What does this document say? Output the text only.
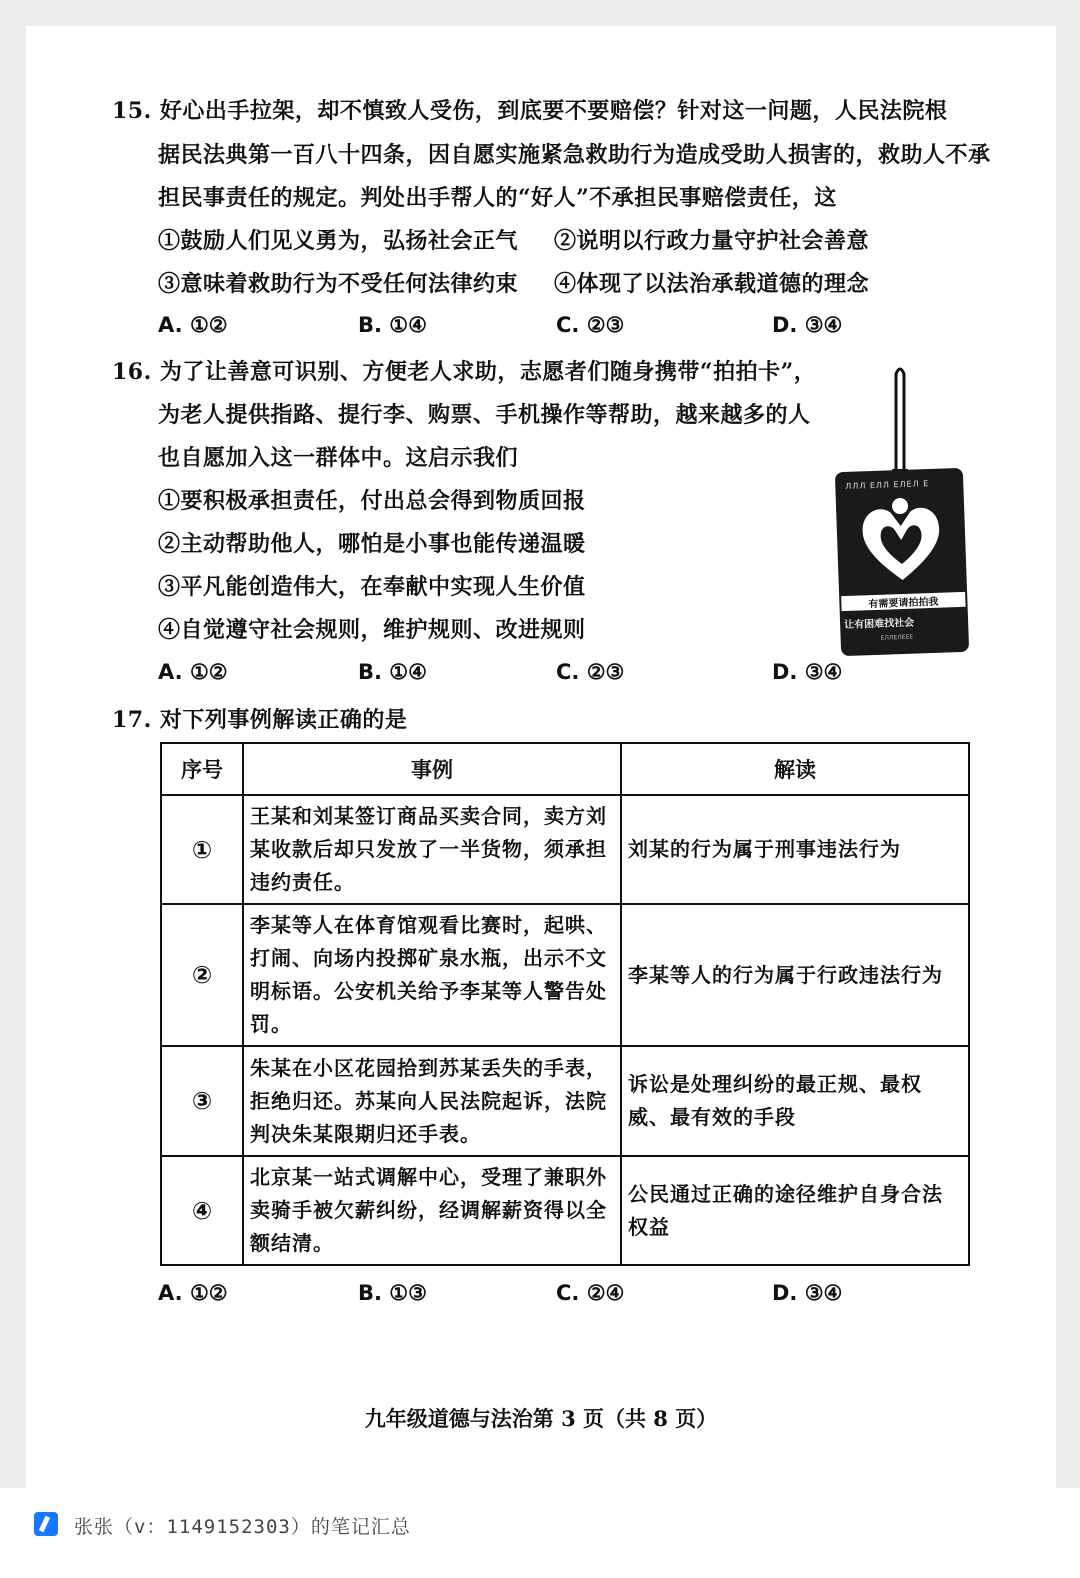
15. 好心出手拉架，却不慎致人受伤，到底要不要赔偿？针对这一问题，人民法院根
据民法典第一百八十四条，因自愿实施紧急救助行为造成受助人损害的，救助人不承
担民事责任的规定。判处出手帮人的“好人”不承担民事赔偿责任，这
①鼓励人们见义勇为，弘扬社会正气 ②说明以行政力量守护社会善意
③意味着救助行为不受任何法律约束 ④体现了以法治承载道德的理念
A. ①②	B. ①④	C. ②③	D. ③④
16. 为了让善意可识别、方便老人求助，志愿者们随身携带“拍拍卡”，
为老人提供指路、提行李、购票、手机操作等帮助，越来越多的人
也自愿加入这一群体中。这启示我们
①要积极承担责任，付出总会得到物质回报
②主动帮助他人，哪怕是小事也能传递温暖
③平凡能创造伟大，在奉献中实现人生价值
④自觉遵守社会规则，维护规则、改进规则
A. ①②	B. ①④	C. ②③	D. ③④
ЛЛЛ ЕЛЛ ЕЛЕЛ Е
有需要请拍拍我
让有困难找社会
ЕЛЛЕЛЕЕЕ
17. 对下列事例解读正确的是
序号	事例	解读
①	王某和刘某签订商品买卖合同，卖方刘某收款后却只发放了一半货物，须承担违约责任。	刘某的行为属于刑事违法行为
②	李某等人在体育馆观看比赛时，起哄、打闹、向场内投掷矿泉水瓶，出示不文明标语。公安机关给予李某等人警告处罚。	李某等人的行为属于行政违法行为
③	朱某在小区花园拾到苏某丢失的手表，拒绝归还。苏某向人民法院起诉，法院判决朱某限期归还手表。	诉讼是处理纠纷的最正规、最权威、最有效的手段
④	北京某一站式调解中心，受理了兼职外卖骑手被欠薪纠纷，经调解薪资得以全额结清。	公民通过正确的途径维护自身合法权益
A. ①②	B. ①③	C. ②④	D. ③④
九年级道德与法治第 3 页（共 8 页）
张张（v：1149152303）的笔记汇总
